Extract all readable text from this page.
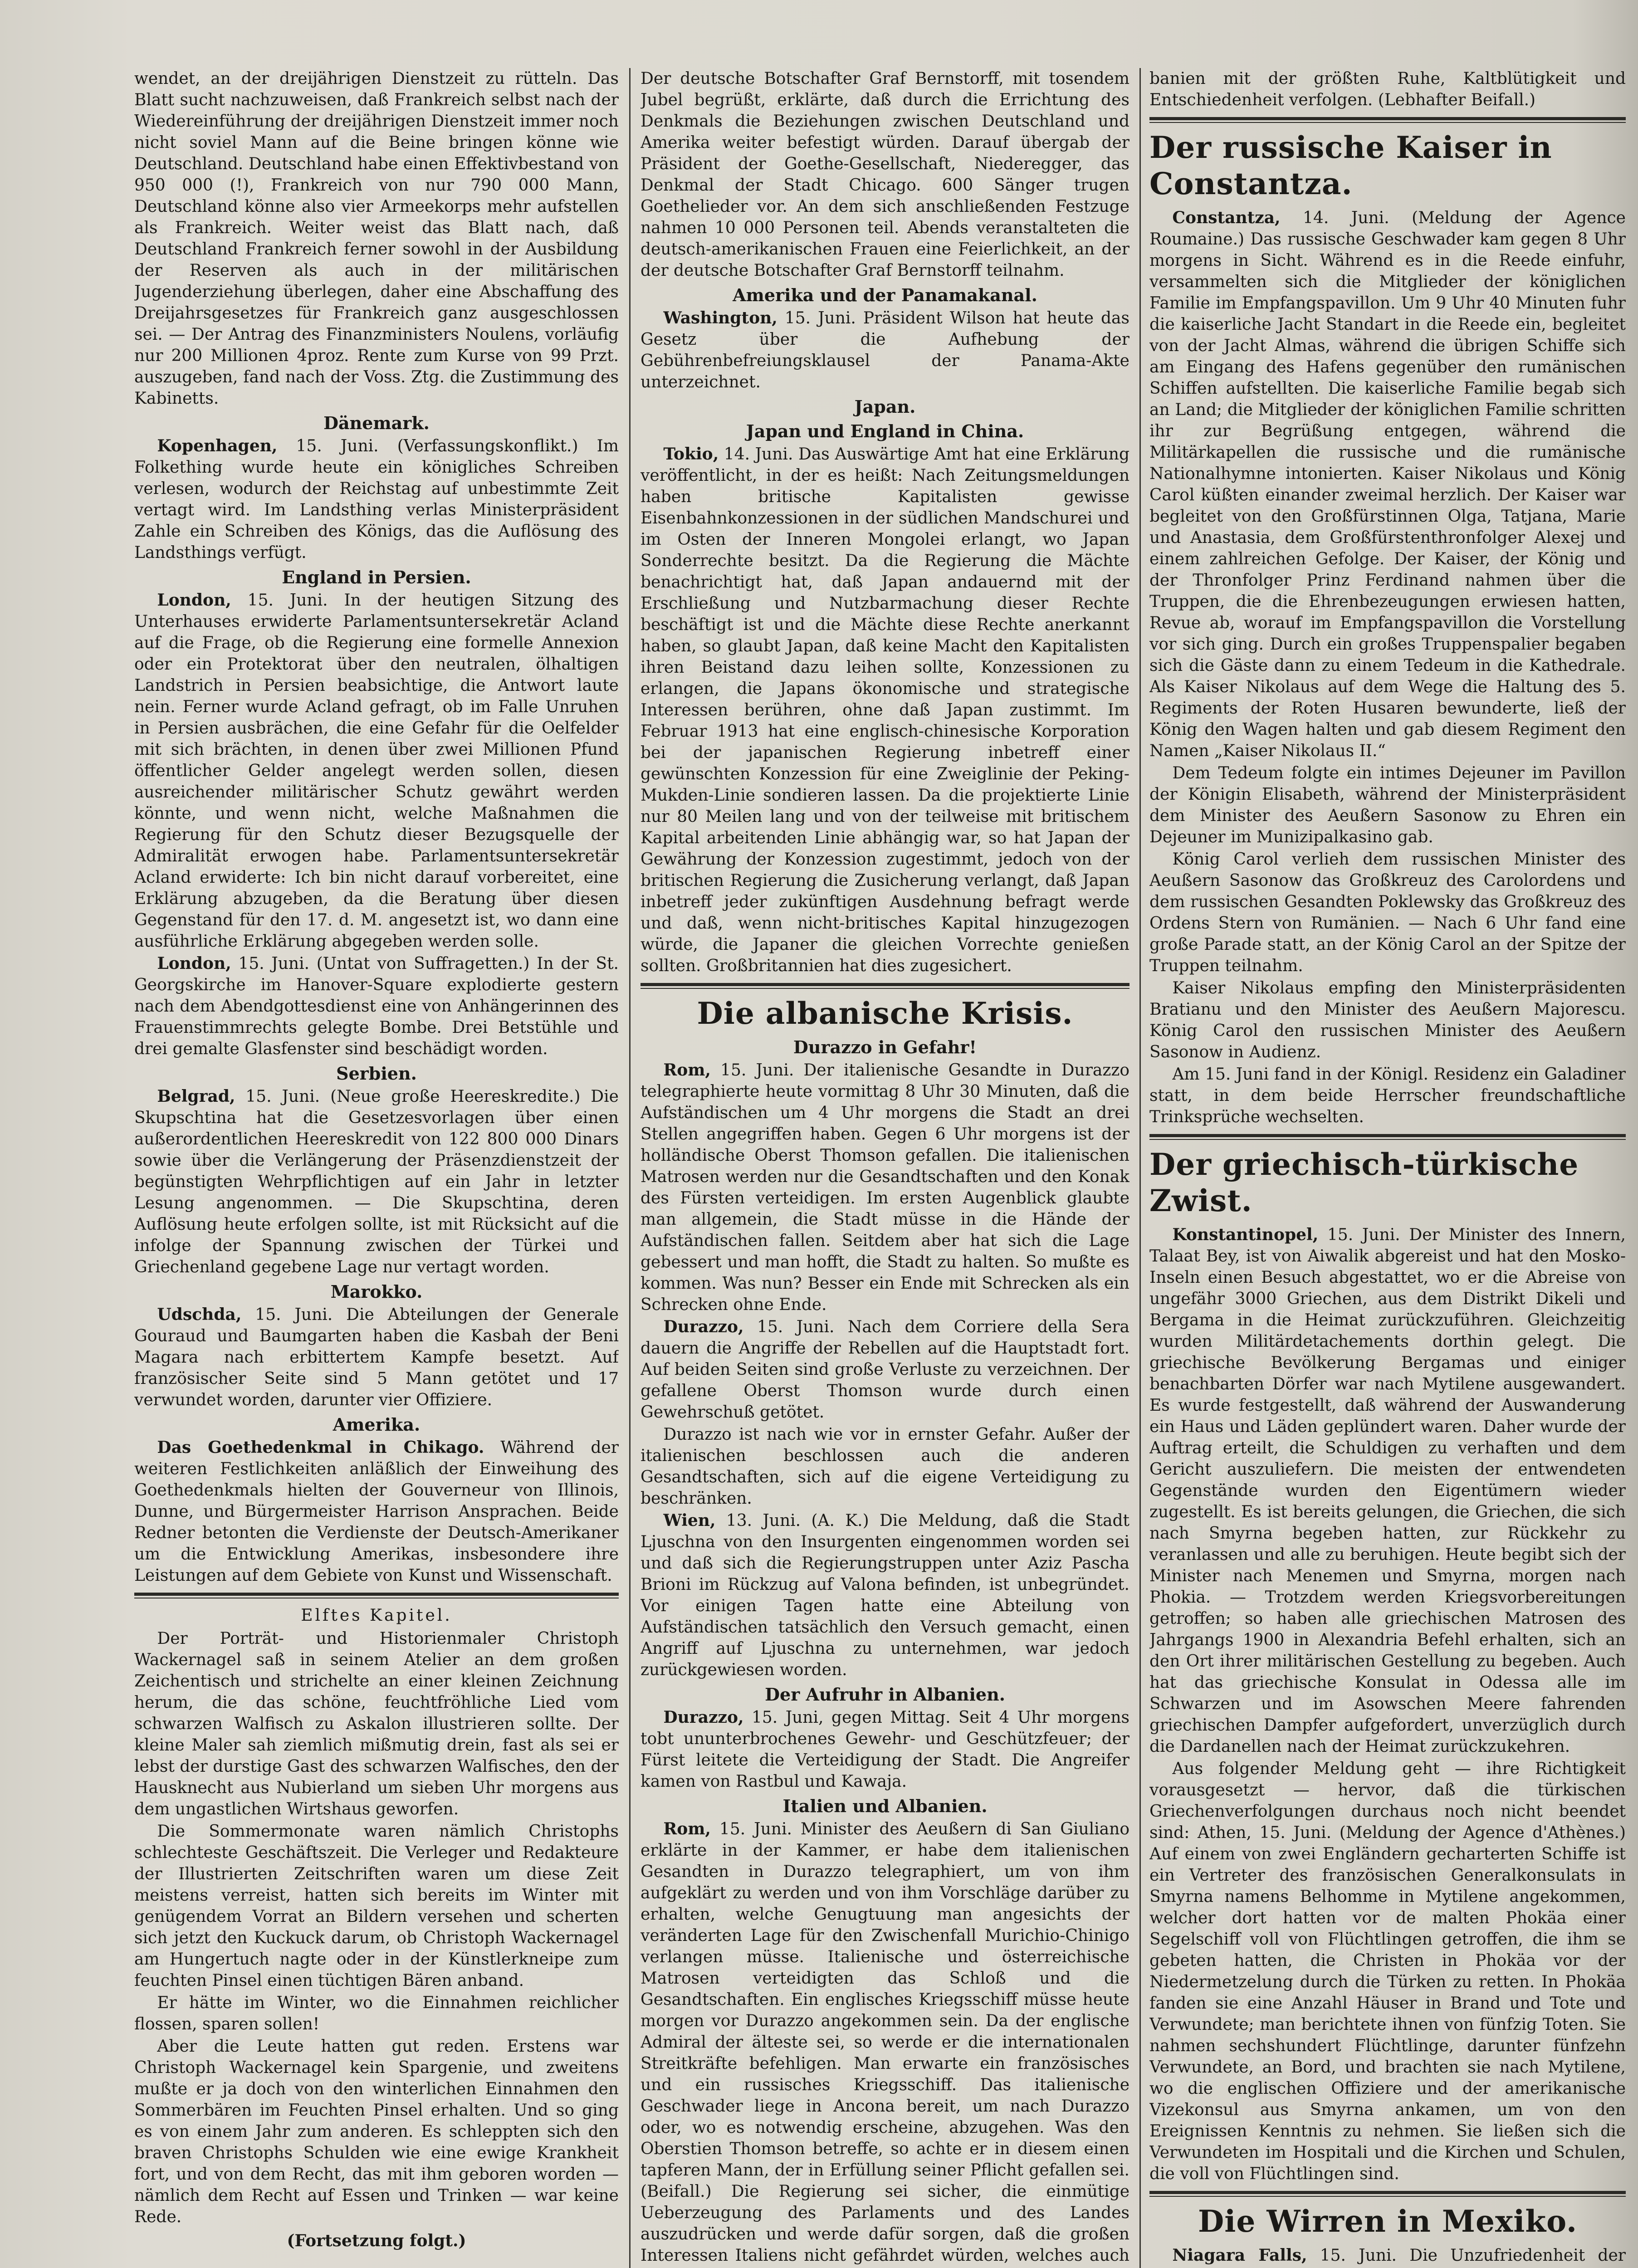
wendet, an der dreijährigen Dienstzeit zu rütteln. Das Blatt sucht nachzuweisen, daß Frankreich selbst nach der Wiedereinführung der dreijährigen Dienstzeit immer noch nicht soviel Mann auf die Beine bringen könne wie Deutschland. Deutschland habe einen Effektivbestand von 950 000 (!), Frankreich von nur 790 000 Mann, Deutschland könne also vier Armeekorps mehr aufstellen als Frankreich. Weiter weist das Blatt nach, daß Deutschland Frankreich ferner sowohl in der Ausbildung der Reserven als auch in der militärischen Jugenderziehung überlegen, daher eine Abschaffung des Dreijahrsgesetzes für Frankreich ganz ausgeschlossen sei. — Der Antrag des Finanzministers Noulens, vorläufig nur 200 Millionen 4proz. Rente zum Kurse von 99 Przt. auszugeben, fand nach der Voss. Ztg. die Zustimmung des Kabinetts.

Dänemark.

Kopenhagen, 15. Juni. (Verfassungskonflikt.) Im Folkething wurde heute ein königliches Schreiben verlesen, wodurch der Reichstag auf unbestimmte Zeit vertagt wird. Im Landsthing verlas Ministerpräsident Zahle ein Schreiben des Königs, das die Auflösung des Landsthings verfügt.

England in Persien.

London, 15. Juni. In der heutigen Sitzung des Unterhauses erwiderte Parlamentsuntersekretär Acland auf die Frage, ob die Regierung eine formelle Annexion oder ein Protektorat über den neutralen, ölhaltigen Landstrich in Persien beabsichtige, die Antwort laute nein. Ferner wurde Acland gefragt, ob im Falle Unruhen in Persien ausbrächen, die eine Gefahr für die Oelfelder mit sich brächten, in denen über zwei Millionen Pfund öffentlicher Gelder angelegt werden sollen, diesen ausreichender militärischer Schutz gewährt werden könnte, und wenn nicht, welche Maßnahmen die Regierung für den Schutz dieser Bezugsquelle der Admiralität erwogen habe. Parlamentsuntersekretär Acland erwiderte: Ich bin nicht darauf vorbereitet, eine Erklärung abzugeben, da die Beratung über diesen Gegenstand für den 17. d. M. angesetzt ist, wo dann eine ausführliche Erklärung abgegeben werden solle.

London, 15. Juni. (Untat von Suffragetten.) In der St. Georgskirche im Hanover-Square explodierte gestern nach dem Abendgottesdienst eine von Anhängerinnen des Frauenstimmrechts gelegte Bombe. Drei Betstühle und drei gemalte Glasfenster sind beschädigt worden.

Serbien.

Belgrad, 15. Juni. (Neue große Heereskredite.) Die Skupschtina hat die Gesetzesvorlagen über einen außerordentlichen Heereskredit von 122 800 000 Dinars sowie über die Verlängerung der Präsenzdienstzeit der begünstigten Wehrpflichtigen auf ein Jahr in letzter Lesung angenommen. — Die Skupschtina, deren Auflösung heute erfolgen sollte, ist mit Rücksicht auf die infolge der Spannung zwischen der Türkei und Griechenland gegebene Lage nur vertagt worden.

Marokko.

Udschda, 15. Juni. Die Abteilungen der Generale Gouraud und Baumgarten haben die Kasbah der Beni Magara nach erbittertem Kampfe besetzt. Auf französischer Seite sind 5 Mann getötet und 17 verwundet worden, darunter vier Offiziere.

Amerika.

Das Goethedenkmal in Chikago. Während der weiteren Festlichkeiten anläßlich der Einweihung des Goethedenkmals hielten der Gouverneur von Illinois, Dunne, und Bürgermeister Harrison Ansprachen. Beide Redner betonten die Verdienste der Deutsch-Amerikaner um die Entwicklung Amerikas, insbesondere ihre Leistungen auf dem Gebiete von Kunst und Wissenschaft.

Elftes Kapitel.

Der Porträt- und Historienmaler Christoph Wackernagel saß in seinem Atelier an dem großen Zeichentisch und strichelte an einer kleinen Zeichnung herum, die das schöne, feuchtfröhliche Lied vom schwarzen Walfisch zu Askalon illustrieren sollte. Der kleine Maler sah ziemlich mißmutig drein, fast als sei er lebst der durstige Gast des schwarzen Walfisches, den der Hausknecht aus Nubierland um sieben Uhr morgens aus dem ungastlichen Wirtshaus geworfen.

Die Sommermonate waren nämlich Christophs schlechteste Geschäftszeit. Die Verleger und Redakteure der Illustrierten Zeitschriften waren um diese Zeit meistens verreist, hatten sich bereits im Winter mit genügendem Vorrat an Bildern versehen und scherten sich jetzt den Kuckuck darum, ob Christoph Wackernagel am Hungertuch nagte oder in der Künstlerkneipe zum feuchten Pinsel einen tüchtigen Bären anband.

Er hätte im Winter, wo die Einnahmen reichlicher flossen, sparen sollen!

Aber die Leute hatten gut reden. Erstens war Christoph Wackernagel kein Spargenie, und zweitens mußte er ja doch von den winterlichen Einnahmen den Sommerbären im Feuchten Pinsel erhalten. Und so ging es von einem Jahr zum anderen. Es schleppten sich den braven Christophs Schulden wie eine ewige Krankheit fort, und von dem Recht, das mit ihm geboren worden — nämlich dem Recht auf Essen und Trinken — war keine Rede.

(Fortsetzung folgt.)

Der deutsche Botschafter Graf Bernstorff, mit tosendem Jubel begrüßt, erklärte, daß durch die Errichtung des Denkmals die Beziehungen zwischen Deutschland und Amerika weiter befestigt würden. Darauf übergab der Präsident der Goethe-Gesellschaft, Niederegger, das Denkmal der Stadt Chicago. 600 Sänger trugen Goethelieder vor. An dem sich anschließenden Festzuge nahmen 10 000 Personen teil. Abends veranstalteten die deutsch-amerikanischen Frauen eine Feierlichkeit, an der der deutsche Botschafter Graf Bernstorff teilnahm.

Amerika und der Panamakanal.

Washington, 15. Juni. Präsident Wilson hat heute das Gesetz über die Aufhebung der Gebührenbefreiungsklausel der Panama-Akte unterzeichnet.

Japan.
Japan und England in China.

Tokio, 14. Juni. Das Auswärtige Amt hat eine Erklärung veröffentlicht, in der es heißt: Nach Zeitungsmeldungen haben britische Kapitalisten gewisse Eisenbahnkonzessionen in der südlichen Mandschurei und im Osten der Inneren Mongolei erlangt, wo Japan Sonderrechte besitzt. Da die Regierung die Mächte benachrichtigt hat, daß Japan andauernd mit der Erschließung und Nutzbarmachung dieser Rechte beschäftigt ist und die Mächte diese Rechte anerkannt haben, so glaubt Japan, daß keine Macht den Kapitalisten ihren Beistand dazu leihen sollte, Konzessionen zu erlangen, die Japans ökonomische und strategische Interessen berühren, ohne daß Japan zustimmt. Im Februar 1913 hat eine englisch-chinesische Korporation bei der japanischen Regierung inbetreff einer gewünschten Konzession für eine Zweiglinie der Peking-Mukden-Linie sondieren lassen. Da die projektierte Linie nur 80 Meilen lang und von der teilweise mit britischem Kapital arbeitenden Linie abhängig war, so hat Japan der Gewährung der Konzession zugestimmt, jedoch von der britischen Regierung die Zusicherung verlangt, daß Japan inbetreff jeder zukünftigen Ausdehnung befragt werde und daß, wenn nicht-britisches Kapital hinzugezogen würde, die Japaner die gleichen Vorrechte genießen sollten. Großbritannien hat dies zugesichert.

Die albanische Krisis.
Durazzo in Gefahr!

Rom, 15. Juni. Der italienische Gesandte in Durazzo telegraphierte heute vormittag 8 Uhr 30 Minuten, daß die Aufständischen um 4 Uhr morgens die Stadt an drei Stellen angegriffen haben. Gegen 6 Uhr morgens ist der holländische Oberst Thomson gefallen. Die italienischen Matrosen werden nur die Gesandtschaften und den Konak des Fürsten verteidigen. Im ersten Augenblick glaubte man allgemein, die Stadt müsse in die Hände der Aufständischen fallen. Seitdem aber hat sich die Lage gebessert und man hofft, die Stadt zu halten. So mußte es kommen. Was nun? Besser ein Ende mit Schrecken als ein Schrecken ohne Ende.

Durazzo, 15. Juni. Nach dem Corriere della Sera dauern die Angriffe der Rebellen auf die Hauptstadt fort. Auf beiden Seiten sind große Verluste zu verzeichnen. Der gefallene Oberst Thomson wurde durch einen Gewehrschuß getötet.

Durazzo ist nach wie vor in ernster Gefahr. Außer der italienischen beschlossen auch die anderen Gesandtschaften, sich auf die eigene Verteidigung zu beschränken.

Wien, 13. Juni. (A. K.) Die Meldung, daß die Stadt Ljuschna von den Insurgenten eingenommen worden sei und daß sich die Regierungstruppen unter Aziz Pascha Brioni im Rückzug auf Valona befinden, ist unbegründet. Vor einigen Tagen hatte eine Abteilung von Aufständischen tatsächlich den Versuch gemacht, einen Angriff auf Ljuschna zu unternehmen, war jedoch zurückgewiesen worden.

Der Aufruhr in Albanien.

Durazzo, 15. Juni, gegen Mittag. Seit 4 Uhr morgens tobt ununterbrochenes Gewehr- und Geschützfeuer; der Fürst leitete die Verteidigung der Stadt. Die Angreifer kamen von Rastbul und Kawaja.

Italien und Albanien.

Rom, 15. Juni. Minister des Aeußern di San Giuliano erklärte in der Kammer, er habe dem italienischen Gesandten in Durazzo telegraphiert, um von ihm aufgeklärt zu werden und von ihm Vorschläge darüber zu erhalten, welche Genugtuung man angesichts der veränderten Lage für den Zwischenfall Murichio-Chinigo verlangen müsse. Italienische und österreichische Matrosen verteidigten das Schloß und die Gesandtschaften. Ein englisches Kriegsschiff müsse heute morgen vor Durazzo angekommen sein. Da der englische Admiral der älteste sei, so werde er die internationalen Streitkräfte befehligen. Man erwarte ein französisches und ein russisches Kriegsschiff. Das italienische Geschwader liege in Ancona bereit, um nach Durazzo oder, wo es notwendig erscheine, abzugehen. Was den Oberstien Thomson betreffe, so achte er in diesem einen tapferen Mann, der in Erfüllung seiner Pflicht gefallen sei. (Beifall.) Die Regierung sei sicher, die einmütige Ueberzeugung des Parlaments und des Landes auszudrücken und werde dafür sorgen, daß die großen Interessen Italiens nicht gefährdet würden, welches auch

banien mit der größten Ruhe, Kaltblütigkeit und Entschiedenheit verfolgen. (Lebhafter Beifall.)

Der russische Kaiser in Constantza.

Constantza, 14. Juni. (Meldung der Agence Roumaine.) Das russische Geschwader kam gegen 8 Uhr morgens in Sicht. Während es in die Reede einfuhr, versammelten sich die Mitglieder der königlichen Familie im Empfangspavillon. Um 9 Uhr 40 Minuten fuhr die kaiserliche Jacht Standart in die Reede ein, begleitet von der Jacht Almas, während die übrigen Schiffe sich am Eingang des Hafens gegenüber den rumänischen Schiffen aufstellten. Die kaiserliche Familie begab sich an Land; die Mitglieder der königlichen Familie schritten ihr zur Begrüßung entgegen, während die Militärkapellen die russische und die rumänische Nationalhymne intonierten. Kaiser Nikolaus und König Carol küßten einander zweimal herzlich. Der Kaiser war begleitet von den Großfürstinnen Olga, Tatjana, Marie und Anastasia, dem Großfürstenthronfolger Alexej und einem zahlreichen Gefolge. Der Kaiser, der König und der Thronfolger Prinz Ferdinand nahmen über die Truppen, die die Ehrenbezeugungen erwiesen hatten, Revue ab, worauf im Empfangspavillon die Vorstellung vor sich ging. Durch ein großes Truppenspalier begaben sich die Gäste dann zu einem Tedeum in die Kathedrale. Als Kaiser Nikolaus auf dem Wege die Haltung des 5. Regiments der Roten Husaren bewunderte, ließ der König den Wagen halten und gab diesem Regiment den Namen „Kaiser Nikolaus II.“

Dem Tedeum folgte ein intimes Dejeuner im Pavillon der Königin Elisabeth, während der Ministerpräsident dem Minister des Aeußern Sasonow zu Ehren ein Dejeuner im Munizipalkasino gab.

König Carol verlieh dem russischen Minister des Aeußern Sasonow das Großkreuz des Carolordens und dem russischen Gesandten Poklewsky das Großkreuz des Ordens Stern von Rumänien. — Nach 6 Uhr fand eine große Parade statt, an der König Carol an der Spitze der Truppen teilnahm.

Kaiser Nikolaus empfing den Ministerpräsidenten Bratianu und den Minister des Aeußern Majorescu. König Carol den russischen Minister des Aeußern Sasonow in Audienz.

Am 15. Juni fand in der Königl. Residenz ein Galadiner statt, in dem beide Herrscher freundschaftliche Trinksprüche wechselten.

Der griechisch-türkische Zwist.

Konstantinopel, 15. Juni. Der Minister des Innern, Talaat Bey, ist von Aiwalik abgereist und hat den Mosko-Inseln einen Besuch abgestattet, wo er die Abreise von ungefähr 3000 Griechen, aus dem Distrikt Dikeli und Bergama in die Heimat zurückzuführen. Gleichzeitig wurden Militärdetachements dorthin gelegt. Die griechische Bevölkerung Bergamas und einiger benachbarten Dörfer war nach Mytilene ausgewandert. Es wurde festgestellt, daß während der Auswanderung ein Haus und Läden geplündert waren. Daher wurde der Auftrag erteilt, die Schuldigen zu verhaften und dem Gericht auszuliefern. Die meisten der entwendeten Gegenstände wurden den Eigentümern wieder zugestellt. Es ist bereits gelungen, die Griechen, die sich nach Smyrna begeben hatten, zur Rückkehr zu veranlassen und alle zu beruhigen. Heute begibt sich der Minister nach Menemen und Smyrna, morgen nach Phokia. — Trotzdem werden Kriegsvorbereitungen getroffen; so haben alle griechischen Matrosen des Jahrgangs 1900 in Alexandria Befehl erhalten, sich an den Ort ihrer militärischen Gestellung zu begeben. Auch hat das griechische Konsulat in Odessa alle im Schwarzen und im Asowschen Meere fahrenden griechischen Dampfer aufgefordert, unverzüglich durch die Dardanellen nach der Heimat zurückzukehren.

Aus folgender Meldung geht — ihre Richtigkeit vorausgesetzt — hervor, daß die türkischen Griechenverfolgungen durchaus noch nicht beendet sind: Athen, 15. Juni. (Meldung der Agence d'Athènes.) Auf einem von zwei Engländern gecharterten Schiffe ist ein Vertreter des französischen Generalkonsulats in Smyrna namens Belhomme in Mytilene angekommen, welcher dort hatten vor de malten Phokäa einer Segelschiff voll von Flüchtlingen getroffen, die ihm se gebeten hatten, die Christen in Phokäa vor der Niedermetzelung durch die Türken zu retten. In Phokäa fanden sie eine Anzahl Häuser in Brand und Tote und Verwundete; man berichtete ihnen von fünfzig Toten. Sie nahmen sechshundert Flüchtlinge, darunter fünfzehn Verwundete, an Bord, und brachten sie nach Mytilene, wo die englischen Offiziere und der amerikanische Vizekonsul aus Smyrna ankamen, um von den Ereignissen Kenntnis zu nehmen. Sie ließen sich die Verwundeten im Hospitali und die Kirchen und Schulen, die voll von Flüchtlingen sind.

Die Wirren in Mexiko.

Niagara Falls, 15. Juni. Die Unzufriedenheit der
